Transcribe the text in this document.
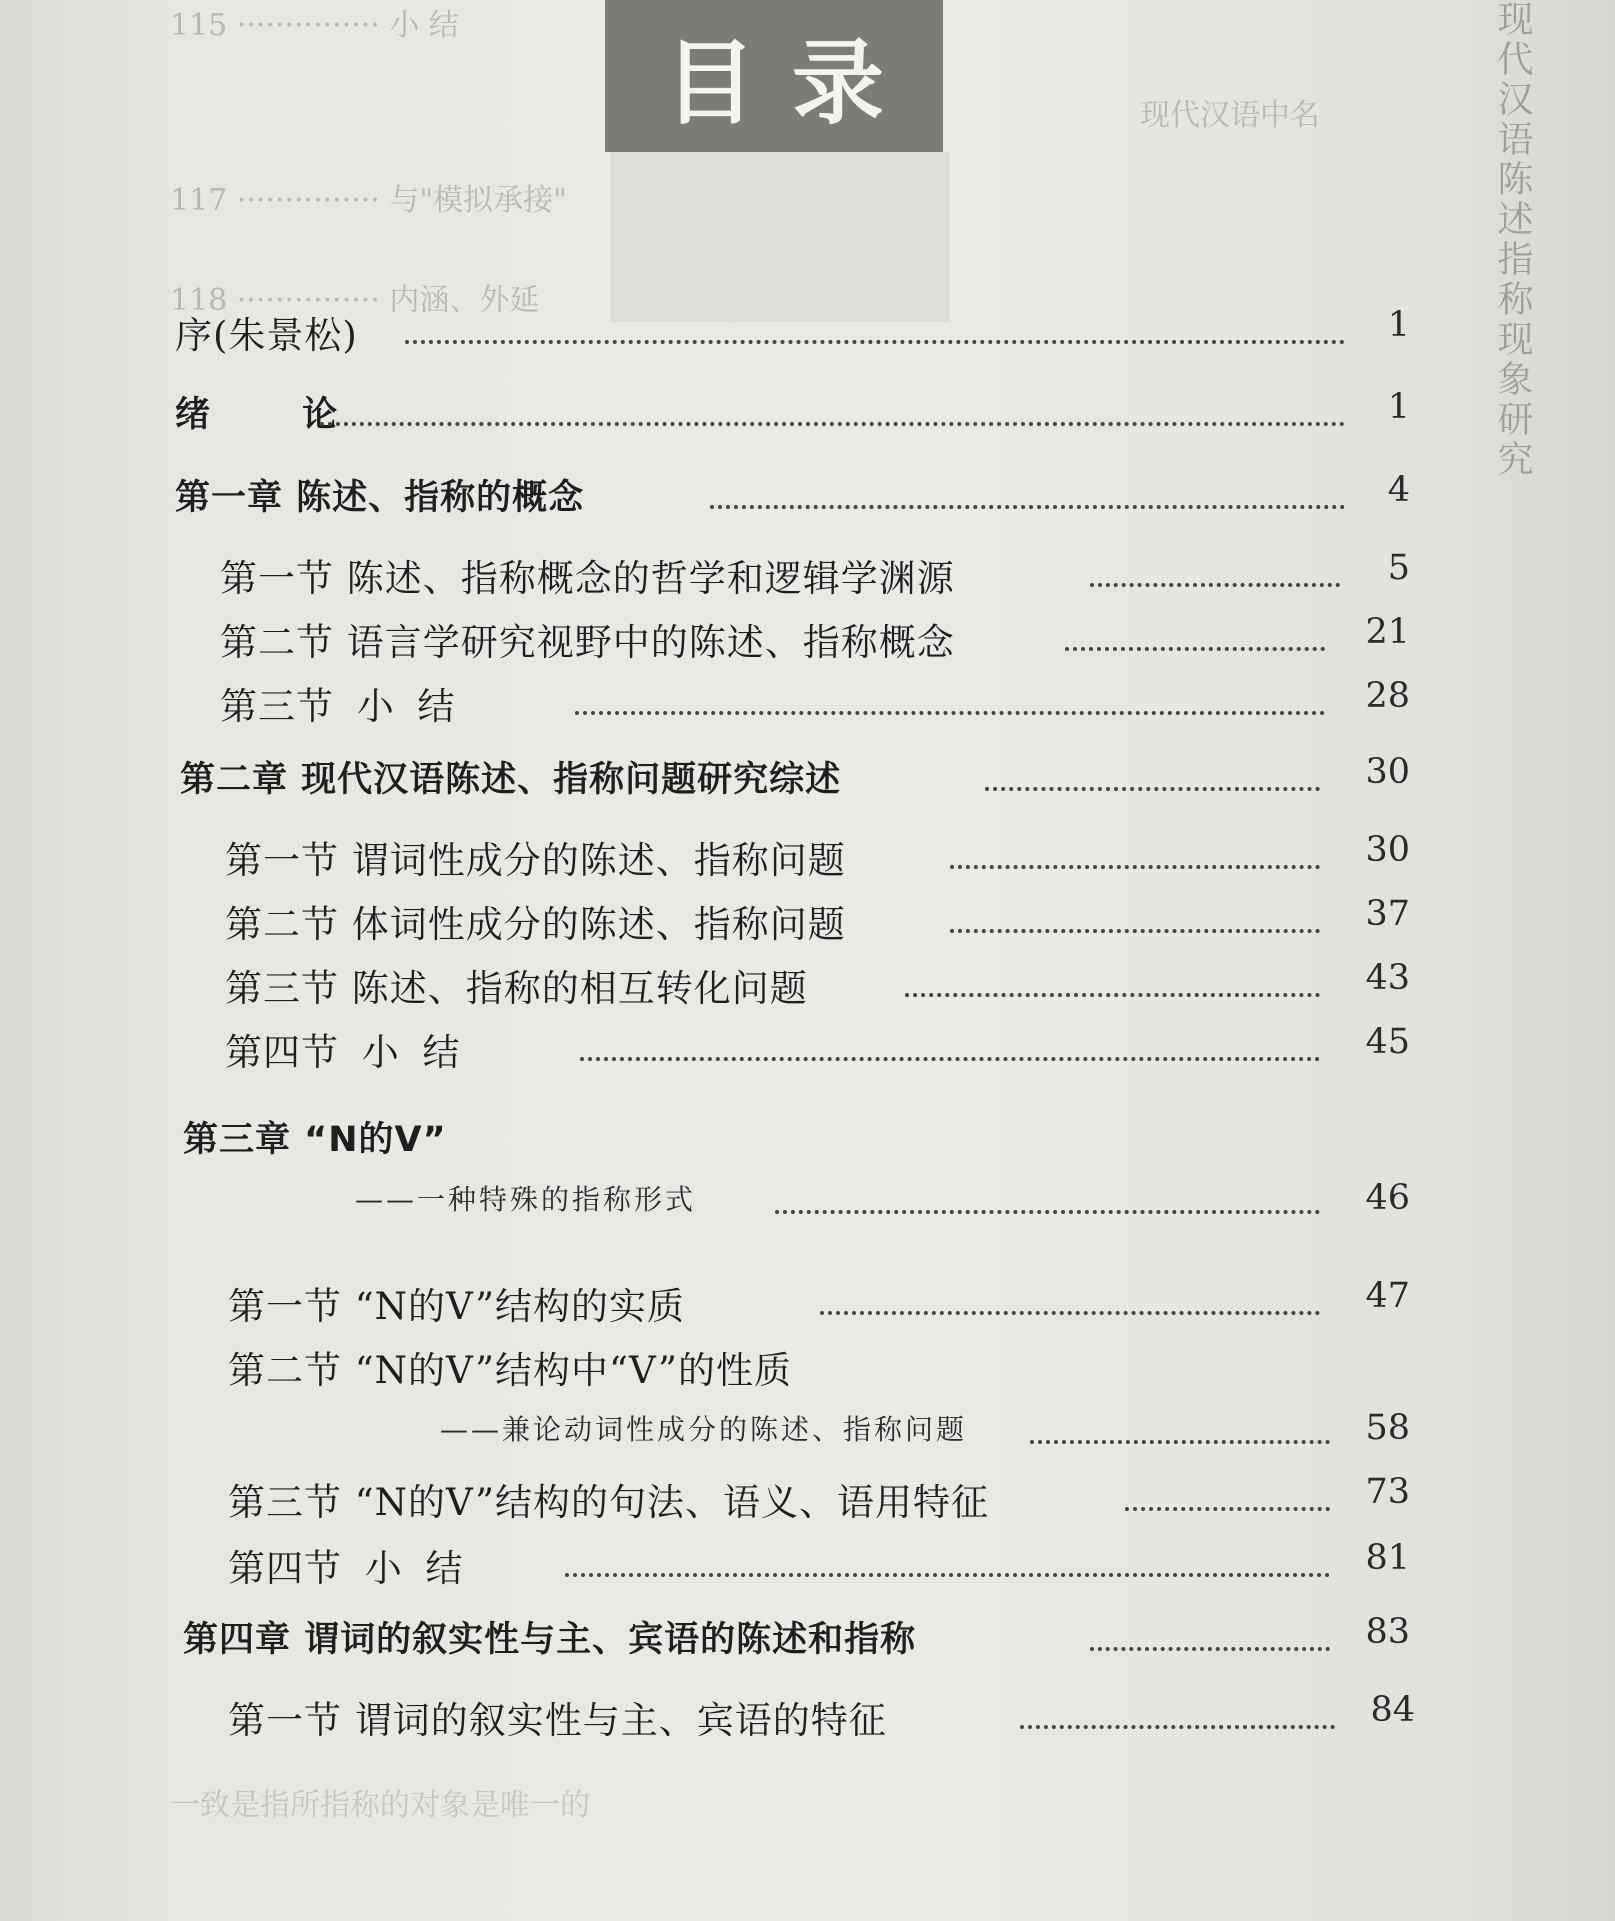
115 ··············· 小 结
现代汉语中名
117 ··············· 与"模拟承接"
118 ··············· 内涵、外延	现代汉语陈述指称现象研究
目录
序(朱景松)	1
绪 论	1
第一章 陈述、指称的概念	4
第一节 陈述、指称概念的哲学和逻辑学渊源	5
第二节 语言学研究视野中的陈述、指称概念	21
第三节 小 结	28
第二章 现代汉语陈述、指称问题研究综述	30
第一节 谓词性成分的陈述、指称问题	30
第二节 体词性成分的陈述、指称问题	37
第三节 陈述、指称的相互转化问题	43
第四节 小 结	45
第三章 “N的V”
——一种特殊的指称形式	46
第一节 “N的V”结构的实质	47
第二节 “N的V”结构中“V”的性质
——兼论动词性成分的陈述、指称问题	58
第三节 “N的V”结构的句法、语义、语用特征	73
第四节 小 结	81
第四章 谓词的叙实性与主、宾语的陈述和指称	83
第一节 谓词的叙实性与主、宾语的特征	84
一致是指所指称的对象是唯一的
